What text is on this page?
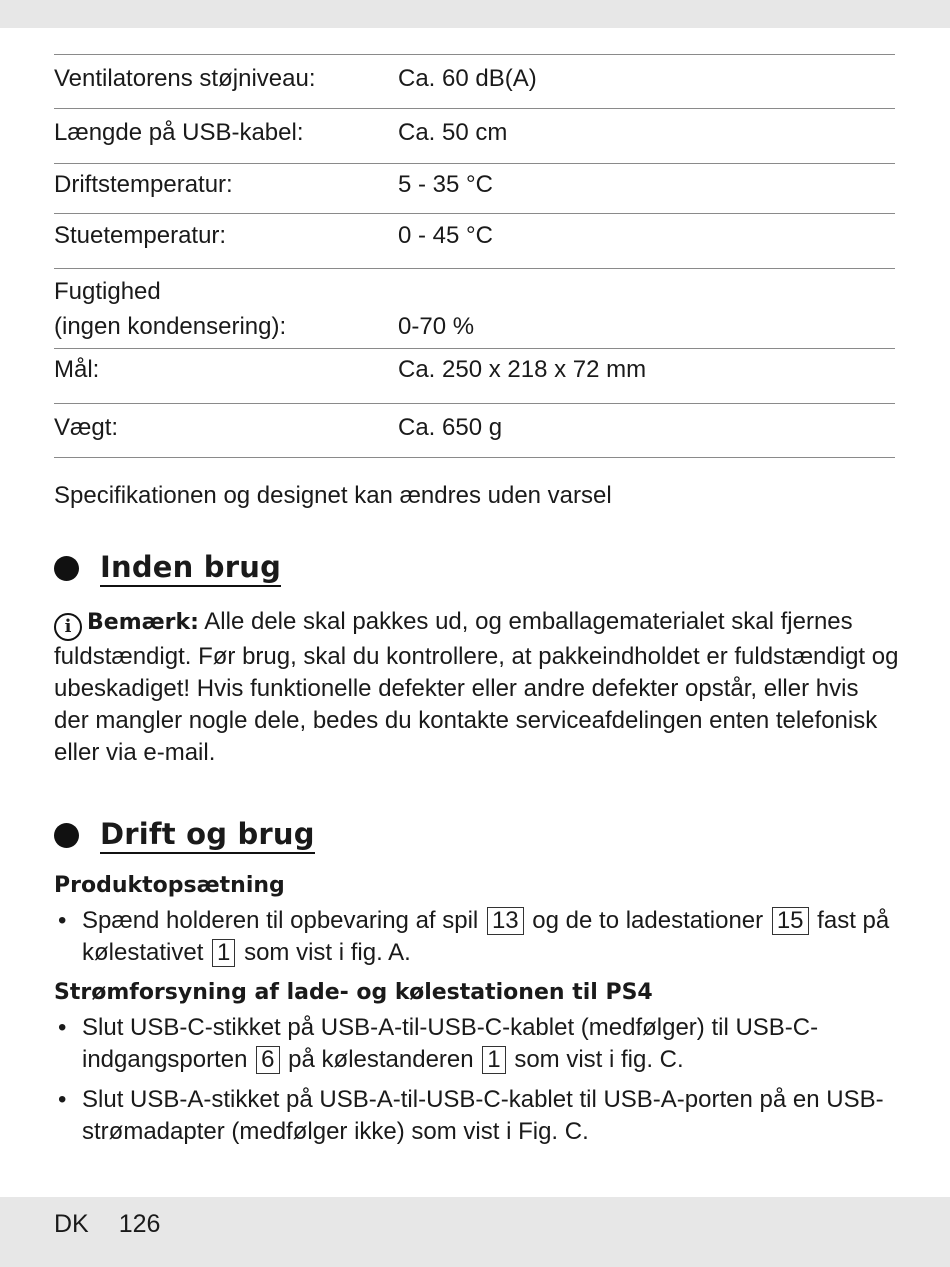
Ventilatorens støjniveau:	Ca. 60 dB(A)
Længde på USB-kabel:	Ca. 50 cm
Driftstemperatur:	5 - 35 °C
Stuetemperatur:	0 - 45 °C
Fugtighed
(ingen kondensering):	0-70 %
Mål:	Ca. 250 x 218 x 72 mm
Vægt:	Ca. 650 g
Specifikationen og designet kan ændres uden varsel
Inden brug
i Bemærk: Alle dele skal pakkes ud, og emballagematerialet skal fjernes fuldstændigt. Før brug, skal du kontrollere, at pakkeindholdet er fuldstændigt og ubeskadiget! Hvis funktionelle defekter eller andre defekter opstår, eller hvis der mangler nogle dele, bedes du kontakte serviceafdelingen enten telefonisk eller via e-mail.
Drift og brug
Produktopsætning
• Spænd holderen til opbevaring af spil 13 og de to ladestationer 15 fast på kølestativet 1 som vist i fig. A.
Strømforsyning af lade- og kølestationen til PS4
• Slut USB-C-stikket på USB-A-til-USB-C-kablet (medfølger) til USB-C-indgangsporten 6 på kølestanderen 1 som vist i fig. C.
• Slut USB-A-stikket på USB-A-til-USB-C-kablet til USB-A-porten på en USB-strømadapter (medfølger ikke) som vist i Fig. C.
DK 126
